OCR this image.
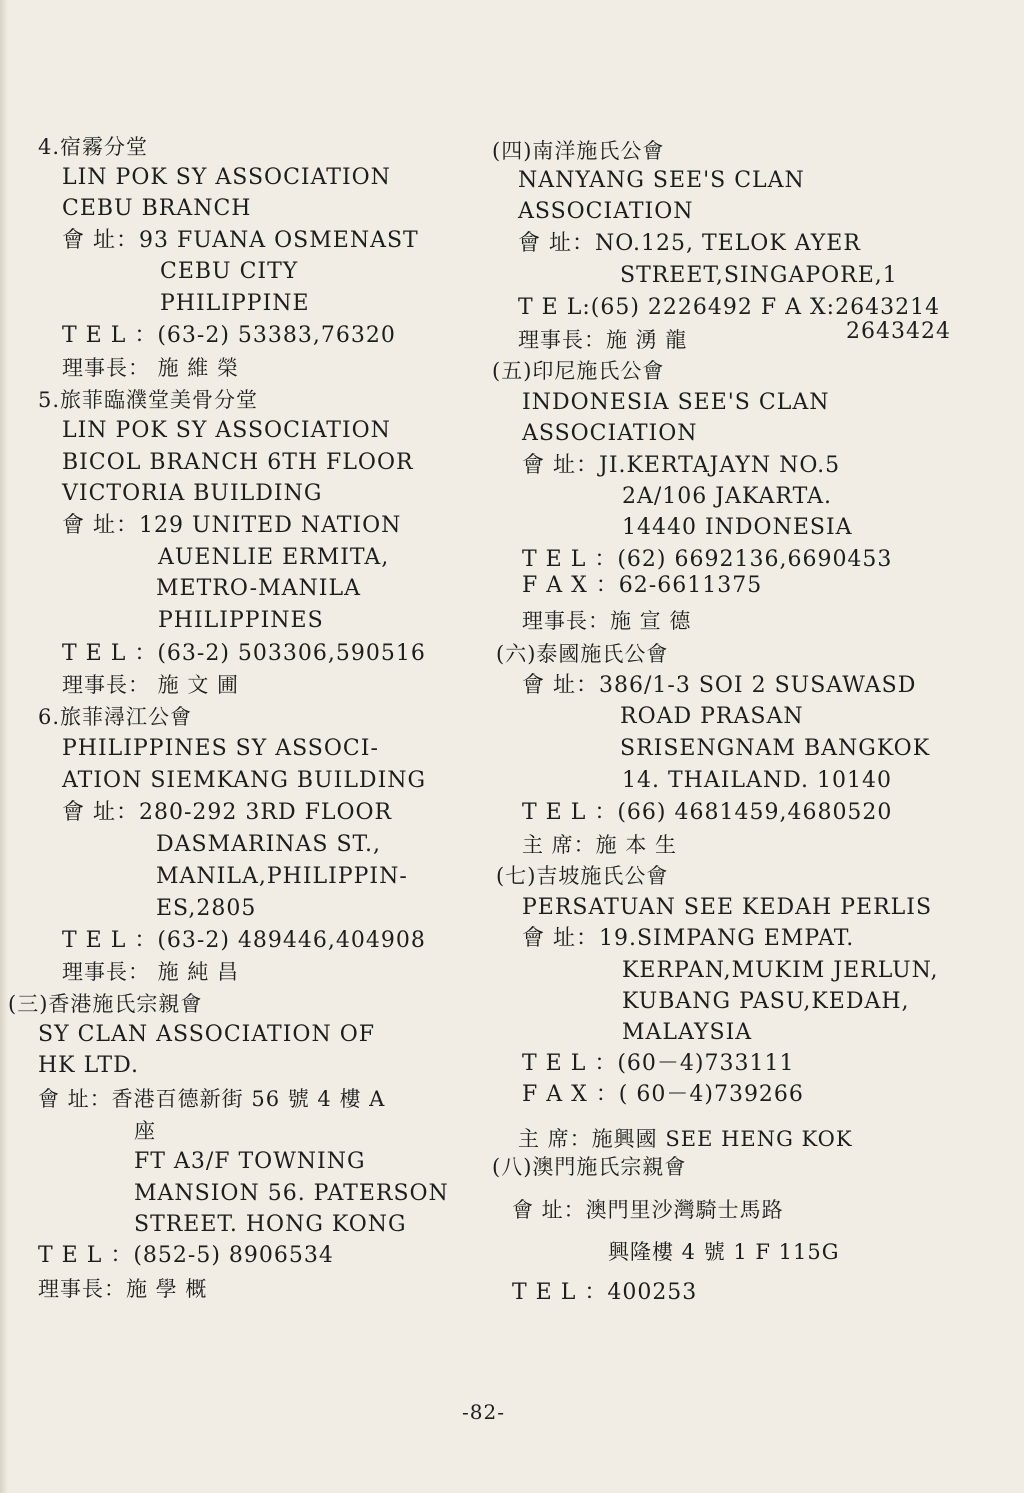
4.宿霧分堂
LIN POK SY ASSOCIATION
CEBU BRANCH
會 址：93 FUANA OSMENAST
CEBU CITY
PHILIPPINE
T E L ：(63-2) 53383,76320
理事長： 施 維 榮
5.旅菲臨濮堂美骨分堂
LIN POK SY ASSOCIATION
BICOL BRANCH 6TH FLOOR
VICTORIA BUILDING
會 址：129 UNITED NATION
AUENLIE ERMITA,
METRO-MANILA
PHILIPPINES
T E L ：(63-2) 503306,590516
理事長： 施 文 圃
6.旅菲潯江公會
PHILIPPINES SY ASSOCI-
ATION SIEMKANG BUILDING
會 址：280-292 3RD FLOOR
DASMARINAS ST.,
MANILA,PHILIPPIN-
ES,2805
T E L ：(63-2) 489446,404908
理事長： 施 純 昌
(三)香港施氏宗親會
SY CLAN ASSOCIATION OF
HK LTD.
會 址：香港百德新街 56 號 4 樓 A
座
FT A3/F TOWNING
MANSION 56. PATERSON
STREET. HONG KONG
T E L ：(852-5) 8906534
理事長：施 學 概
(四)南洋施氏公會
NANYANG SEE'S CLAN
ASSOCIATION
會 址：NO.125, TELOK AYER
STREET,SINGAPORE,1
T E L:(65) 2226492 F A X:2643214
2643424
理事長：施 湧 龍
(五)印尼施氏公會
INDONESIA SEE'S CLAN
ASSOCIATION
會 址：JI.KERTAJAYN NO.5
2A/106 JAKARTA.
14440 INDONESIA
T E L ：(62) 6692136,6690453
F A X ：62-6611375
理事長：施 宣 德
(六)泰國施氏公會
會 址：386/1-3 SOI 2 SUSAWASD
ROAD PRASAN
SRISENGNAM BANGKOK
14. THAILAND. 10140
T E L ：(66) 4681459,4680520
主 席：施 本 生
(七)吉坡施氏公會
PERSATUAN SEE KEDAH PERLIS
會 址：19.SIMPANG EMPAT.
KERPAN,MUKIM JERLUN,
KUBANG PASU,KEDAH,
MALAYSIA
T E L ：(60－4)733111
F A X ：( 60－4)739266
主 席：施興國 SEE HENG KOK
(八)澳門施氏宗親會
會 址：澳門里沙灣騎士馬路
興隆樓 4 號 1 F 115G
T E L ：400253
-82-
